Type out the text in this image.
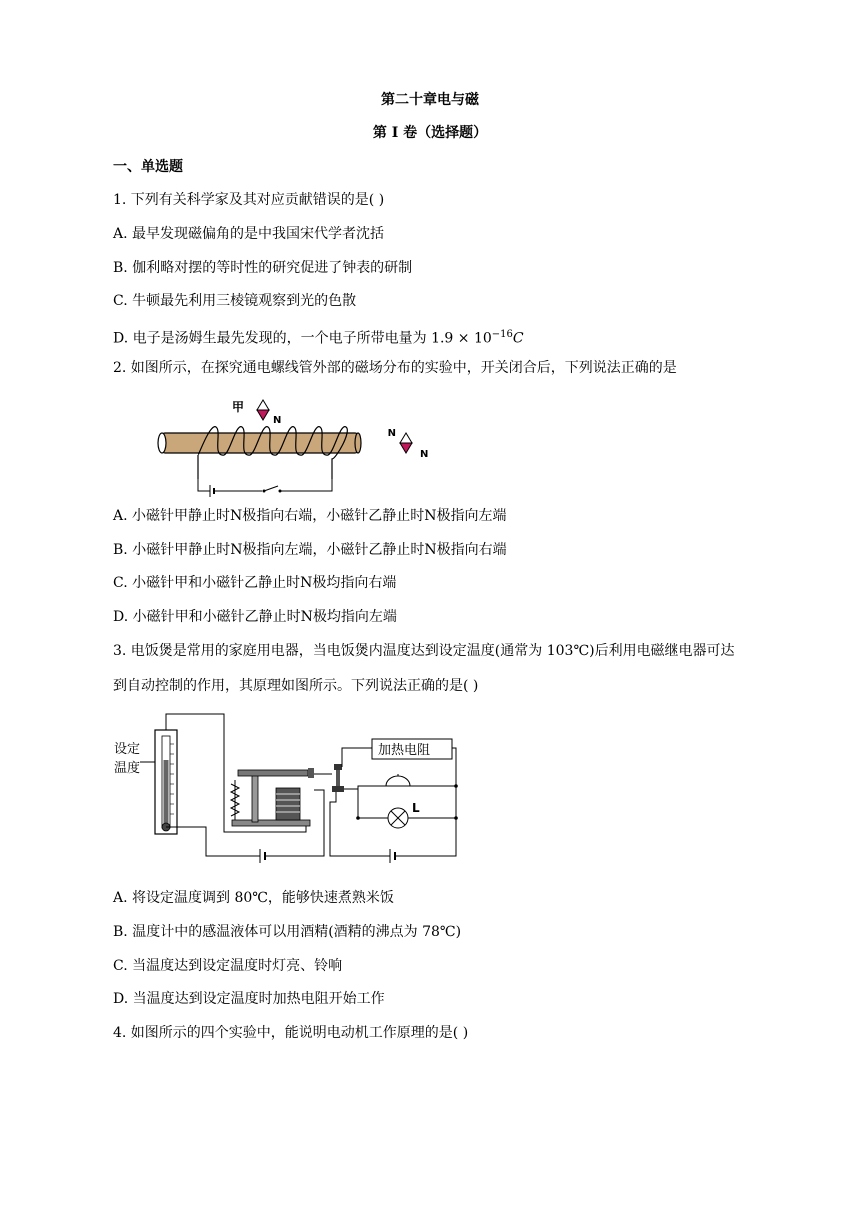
第二十章电与磁
第 I 卷（选择题）
一、单选题
1. 下列有关科学家及其对应贡献错误的是( )
A. 最早发现磁偏角的是中我国宋代学者沈括
B. 伽利略对摆的等时性的研究促进了钟表的研制
C. 牛顿最先利用三棱镜观察到光的色散
D. 电子是汤姆生最先发现的，一个电子所带电量为 $1.9 \times 10^{-16}C$
2. 如图所示，在探究通电螺线管外部的磁场分布的实验中，开关闭合后，下列说法正确的是
甲
N
N
N
A. 小磁针甲静止时N极指向右端，小磁针乙静止时N极指向左端
B. 小磁针甲静止时N极指向左端，小磁针乙静止时N极指向右端
C. 小磁针甲和小磁针乙静止时N极均指向右端
D. 小磁针甲和小磁针乙静止时N极均指向左端
3. 电饭煲是常用的家庭用电器，当电饭煲内温度达到设定温度(通常为 103℃)后利用电磁继电器可达
到自动控制的作用，其原理如图所示。下列说法正确的是( )
设定
温度
加热电阻
L
A. 将设定温度调到 80℃，能够快速煮熟米饭
B. 温度计中的感温液体可以用酒精(酒精的沸点为 78℃)
C. 当温度达到设定温度时灯亮、铃响
D. 当温度达到设定温度时加热电阻开始工作
4. 如图所示的四个实验中，能说明电动机工作原理的是( )
